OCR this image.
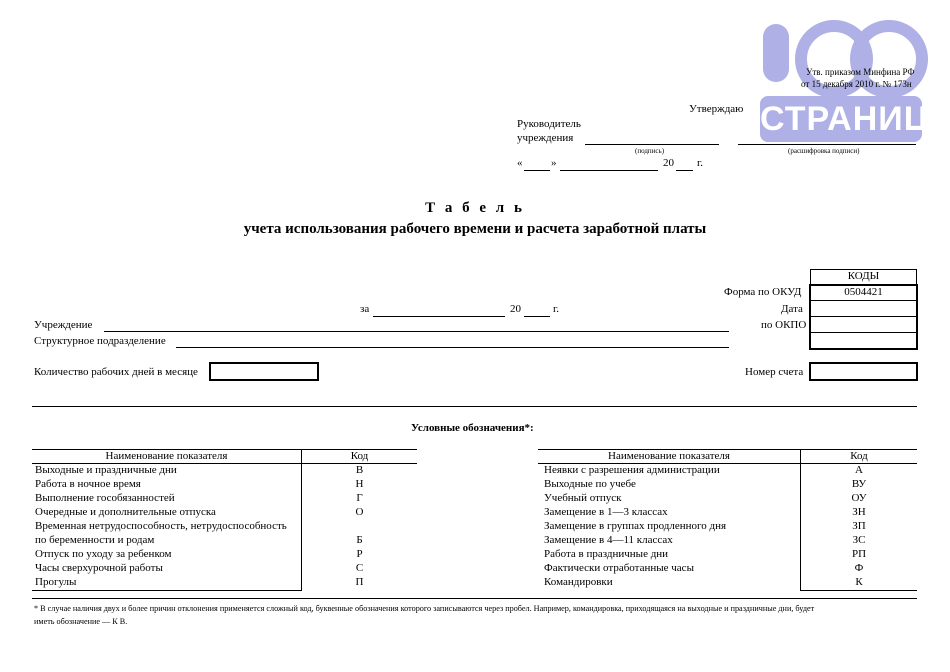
СТРАНИЦ
Утв. приказом Минфина РФ
от 15 декабря 2010 г. № 173н
Утверждаю
Руководитель
учреждения
(подпись)	(расшифровка подписи)
«	»	20 г.
Т а б е л ь
учета использования рабочего времени и расчета заработной платы
КОДЫ
Форма по ОКУД	0504421
Дата
по ОКПО
Номер счета
за	20	г.
Учреждение
Структурное подразделение
Количество рабочих дней в месяце
Условные обозначения*:
Наименование показателя	Код
Выходные и праздничные дни	В
Работа в ночное время	Н
Выполнение гособязанностей	Г
Очередные и дополнительные отпуска	О
Временная нетрудоспособность, нетрудоспособность
по беременности и родам	Б
Отпуск по уходу за ребенком	Р
Часы сверхурочной работы	С
Прогулы	П
Наименование показателя	Код
Неявки с разрешения администрации	А
Выходные по учебе	ВУ
Учебный отпуск	ОУ
Замещение в 1—3 классах	ЗН
Замещение в группах продленного дня	ЗП
Замещение в 4—11 классах	ЗС
Работа в праздничные дни	РП
Фактически отработанные часы	Ф
Командировки	К
* В случае наличия двух и более причин отклонения применяется сложный код, буквенные обозначения которого записываются через пробел. Например, командировка, приходящаяся на выходные и праздничные дни, будет
иметь обозначение — К В.
